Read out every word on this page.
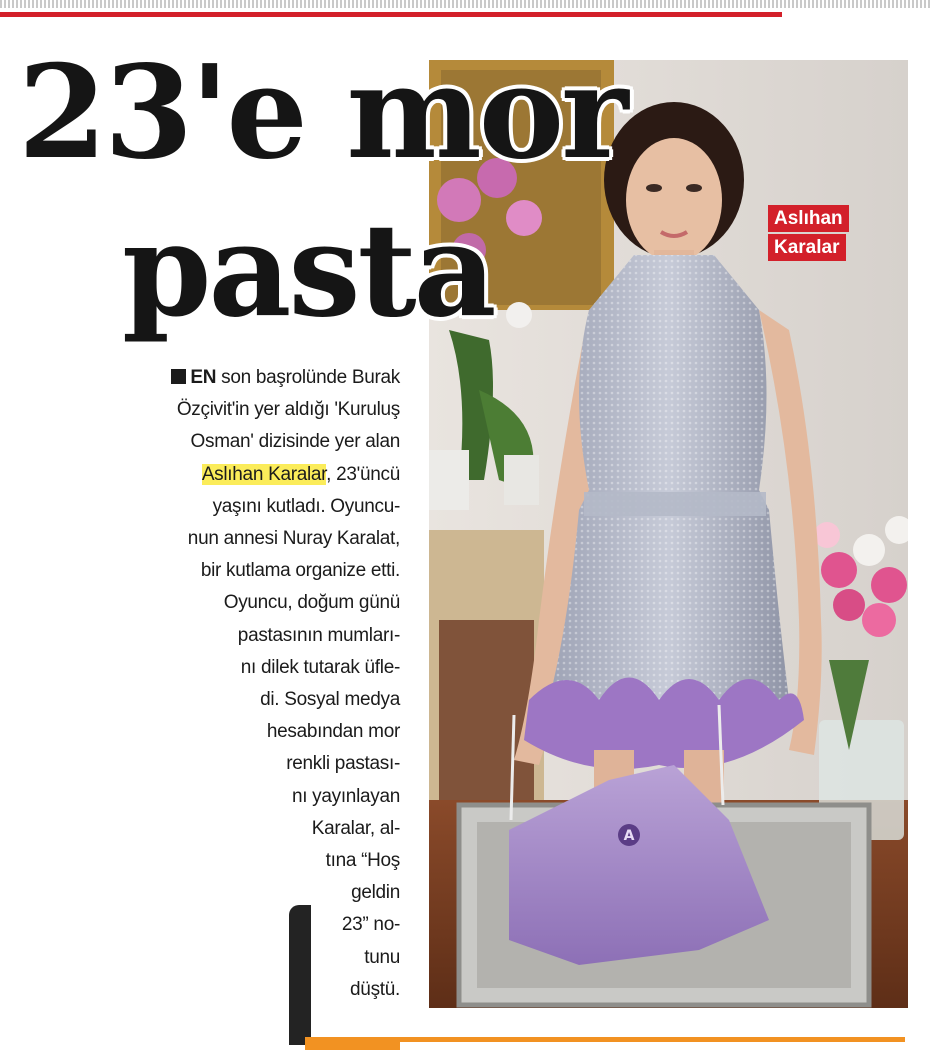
A
23'e mor
pasta	Aslıhan
Karalar
EN son başrolünde Burak
Özçivit'in yer aldığı 'Kuruluş
Osman' dizisinde yer alan
Aslıhan Karalar, 23'üncü
yaşını kutladı. Oyuncu-
nun annesi Nuray Karalat,
bir kutlama organize etti.
Oyuncu, doğum günü
pastasının mumları-
nı dilek tutarak üfle-
di. Sosyal medya
hesabından mor
renkli pastası-
nı yayınlayan
Karalar, al-
tına “Hoş
geldin
23” no-
tunu
düştü.
